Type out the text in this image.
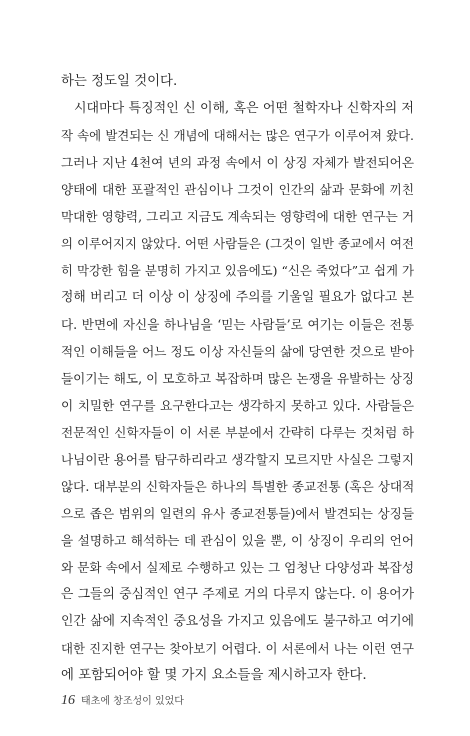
하는 정도일 것이다.
시대마다 특징적인 신 이해, 혹은 어떤 철학자나 신학자의 저
작 속에 발견되는 신 개념에 대해서는 많은 연구가 이루어져 왔다.
그러나 지난 4천여 년의 과정 속에서 이 상징 자체가 발전되어온
양태에 대한 포괄적인 관심이나 그것이 인간의 삶과 문화에 끼친
막대한 영향력, 그리고 지금도 계속되는 영향력에 대한 연구는 거
의 이루어지지 않았다. 어떤 사람들은 (그것이 일반 종교에서 여전
히 막강한 힘을 분명히 가지고 있음에도) “신은 죽었다”고 쉽게 가
정해 버리고 더 이상 이 상징에 주의를 기울일 필요가 없다고 본
다. 반면에 자신을 하나님을 ‘믿는 사람들’로 여기는 이들은 전통
적인 이해들을 어느 정도 이상 자신들의 삶에 당연한 것으로 받아
들이기는 해도, 이 모호하고 복잡하며 많은 논쟁을 유발하는 상징
이 치밀한 연구를 요구한다고는 생각하지 못하고 있다. 사람들은
전문적인 신학자들이 이 서론 부분에서 간략히 다루는 것처럼 하
나님이란 용어를 탐구하리라고 생각할지 모르지만 사실은 그렇지
않다. 대부분의 신학자들은 하나의 특별한 종교전통 (혹은 상대적
으로 좁은 범위의 일련의 유사 종교전통들)에서 발견되는 상징들
을 설명하고 해석하는 데 관심이 있을 뿐, 이 상징이 우리의 언어
와 문화 속에서 실제로 수행하고 있는 그 엄청난 다양성과 복잡성
은 그들의 중심적인 연구 주제로 거의 다루지 않는다. 이 용어가
인간 삶에 지속적인 중요성을 가지고 있음에도 불구하고 여기에
대한 진지한 연구는 찾아보기 어렵다. 이 서론에서 나는 이런 연구
에 포함되어야 할 몇 가지 요소들을 제시하고자 한다.
16 태초에 창조성이 있었다
